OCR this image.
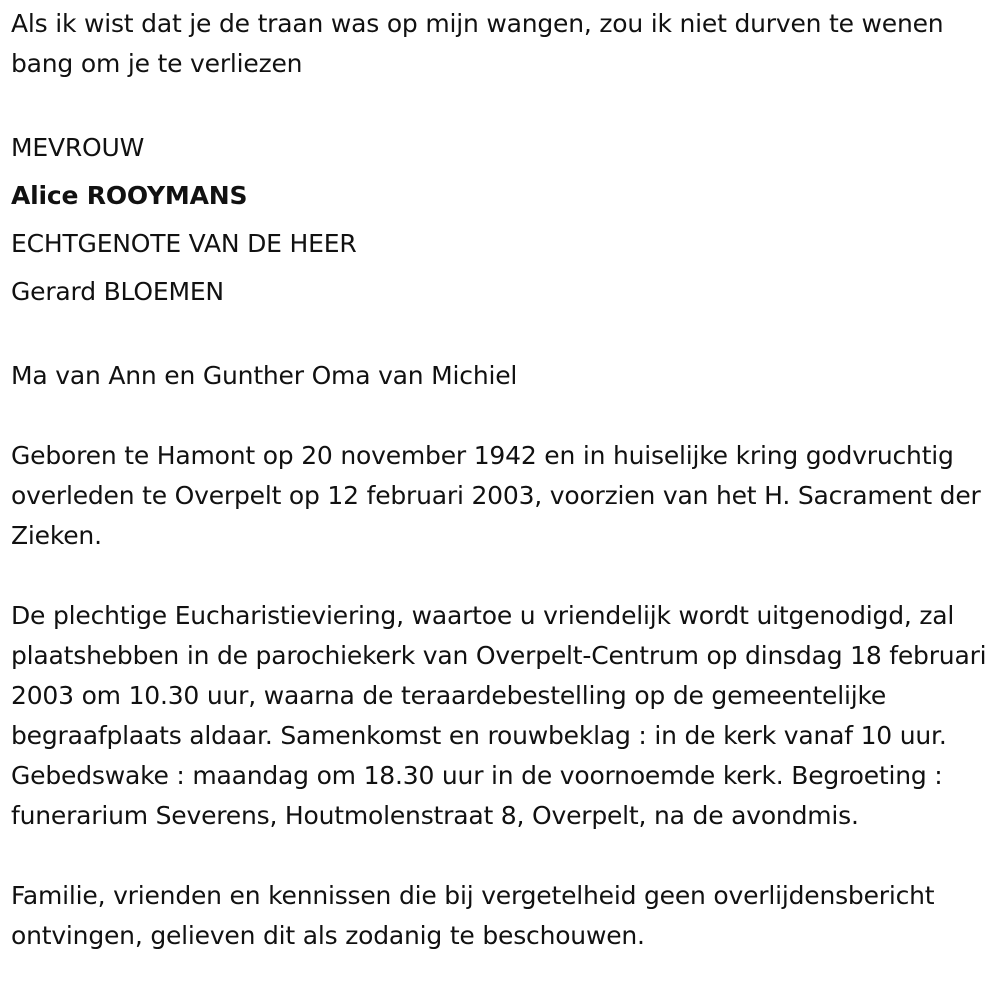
Als ik wist dat je de traan was op mijn wangen, zou ik niet durven te wenen bang om je te verliezen

MEVROUW

Alice ROOYMANS

ECHTGENOTE VAN DE HEER

Gerard BLOEMEN

Ma van Ann en Gunther Oma van Michiel

Geboren te Hamont op 20 november 1942 en in huiselijke kring godvruchtig overleden te Overpelt op 12 februari 2003, voorzien van het H. Sacrament der Zieken.

De plechtige Eucharistieviering, waartoe u vriendelijk wordt uitgenodigd, zal plaatshebben in de parochiekerk van Overpelt-Centrum op dinsdag 18 februari 2003 om 10.30 uur, waarna de teraardebestelling op de gemeentelijke begraafplaats aldaar. Samenkomst en rouwbeklag : in de kerk vanaf 10 uur. Gebedswake : maandag om 18.30 uur in de voornoemde kerk. Begroeting : funerarium Severens, Houtmolenstraat 8, Overpelt, na de avondmis.

Familie, vrienden en kennissen die bij vergetelheid geen overlijdensbericht ontvingen, gelieven dit als zodanig te beschouwen.
